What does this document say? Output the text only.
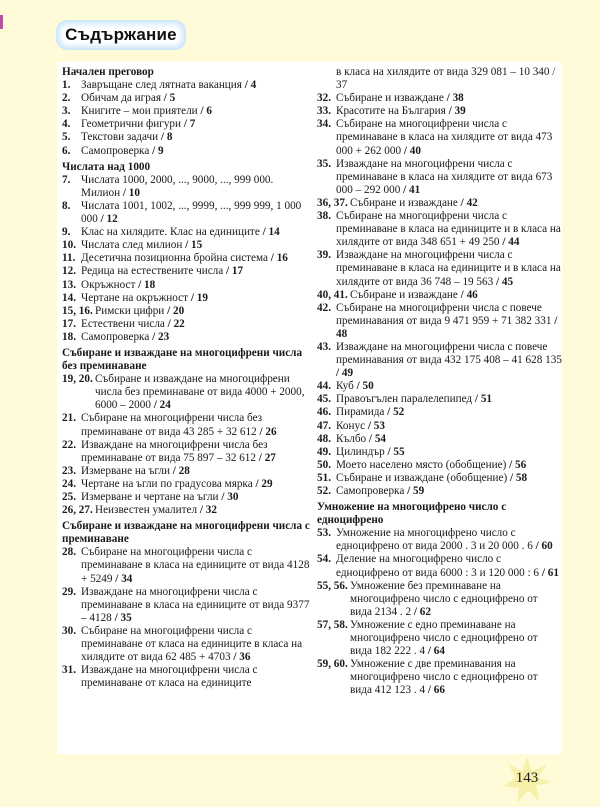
Съдържание
Начален преговор
1. Завръщане след лятната ваканция / 4
2. Обичам да играя / 5
3. Книгите – мои приятели / 6
4. Геометрични фигури / 7
5. Текстови задачи / 8
6. Самопроверка / 9
Числата над 1000
7. Числата 1000, 2000, ..., 9000, ..., 999 000. Милион / 10
8. Числата 1001, 1002, ..., 9999, ..., 999 999, 1 000 000 / 12
9. Клас на хилядите. Клас на единиците / 14
10. Числата след милион / 15
11. Десетична позиционна бройна система / 16
12. Редица на естествените числа / 17
13. Окръжност / 18
14. Чертане на окръжност / 19
15, 16. Римски цифри / 20
17. Естествени числа / 22
18. Самопроверка / 23
Събиране и изваждане на многоцифрени числа без преминаване
19, 20. Събиране и изваждане на многоцифрени числа без преминаване от вида 4000 + 2000, 6000 – 2000 / 24
21. Събиране на многоцифрени числа без преминаване от вида 43 285 + 32 612 / 26
22. Изваждане на многоцифрени числа без преминаване от вида 75 897 – 32 612 / 27
23. Измерване на ъгли / 28
24. Чертане на ъгли по градусова мярка / 29
25. Измерване и чертане на ъгли / 30
26, 27. Неизвестен умалител / 32
Събиране и изваждане на многоцифрени числа с преминаване
28. Събиране на многоцифрени числа с преминаване в класа на единиците от вида 4128 + 5249 / 34
29. Изваждане на многоцифрени числа с преминаване в класа на единиците от вида 9377 – 4128 / 35
30. Събиране на многоцифрени числа с преминаване от класа на единиците в класа на хилядите от вида 62 485 + 4703 / 36
31. Изваждане на многоцифрени числа с преминаване от класа на единиците
в класа на хилядите от вида 329 081 – 10 340 / 37
32. Събиране и изваждане / 38
33. Красотите на България / 39
34. Събиране на многоцифрени числа с преминаване в класа на хилядите от вида 473 000 + 262 000 / 40
35. Изваждане на многоцифрени числа с преминаване в класа на хилядите от вида 673 000 – 292 000 / 41
36, 37. Събиране и изваждане / 42
38. Събиране на многоцифрени числа с преминаване в класа на единиците и в класа на хилядите от вида 348 651 + 49 250 / 44
39. Изваждане на многоцифрени числа с преминаване в класа на единиците и в класа на хилядите от вида 36 748 – 19 563 / 45
40, 41. Събиране и изваждане / 46
42. Събиране на многоцифрени числа с повече преминавания от вида 9 471 959 + 71 382 331 / 48
43. Изваждане на многоцифрени числа с повече преминавания от вида 432 175 408 – 41 628 135 / 49
44. Куб / 50
45. Правоъгълен паралелепипед / 51
46. Пирамида / 52
47. Конус / 53
48. Кълбо / 54
49. Цилиндър / 55
50. Моето населено място (обобщение) / 56
51. Събиране и изваждане (обобщение) / 58
52. Самопроверка / 59
Умножение на многоцифрено число с едноцифрено
53. Умножение на многоцифрено число с едноцифрено от вида 2000 . 3 и 20 000 . 6 / 60
54. Деление на многоцифрено число с едноцифрено от вида 6000 : 3 и 120 000 : 6 / 61
55, 56. Умножение без преминаване на многоцифрено число с едноцифрено от вида 2134 . 2 / 62
57, 58. Умножение с едно преминаване на многоцифрено число с едноцифрено от вида 182 222 . 4 / 64
59, 60. Умножение с две преминавания на многоцифрено число с едноцифрено от вида 412 123 . 4 / 66
143
